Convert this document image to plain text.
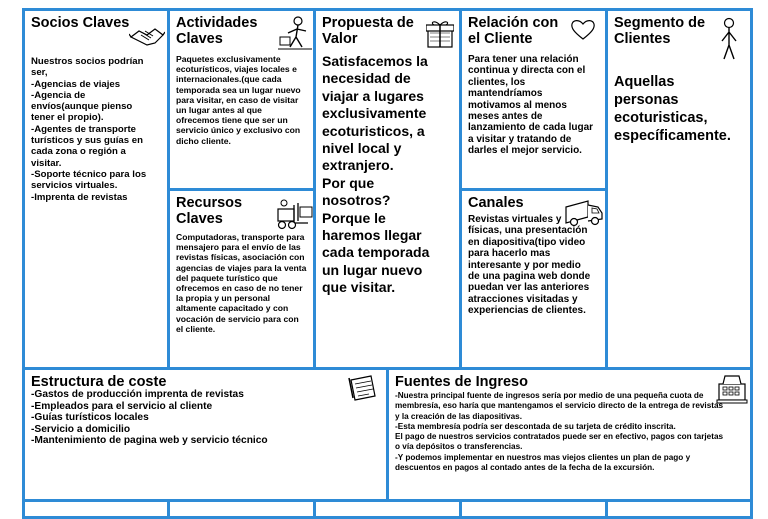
Socios Claves
Nuestros socios podrían
ser,
-Agencias de viajes
-Agencia de
envíos(aunque pienso
tener el propio).
-Agentes de transporte
turísticos y sus guías en
cada zona o región a
visitar.
-Soporte técnico para los
servicios virtuales.
-Imprenta de revistas
Actividades
Claves
Paquetes exclusivamente
ecoturísticos, viajes locales e
internacionales.(que cada
temporada sea un lugar nuevo
para visitar, en caso de visitar
un lugar antes al que
ofrecemos tiene que ser un
servicio único y exclusivo con
dicho cliente.
Recursos
Claves
Computadoras, transporte para
mensajero para el envío de las
revistas físicas, asociación con
agencias de viajes para la venta
del paquete turístico que
ofrecemos en caso de no tener
la propia y un personal
altamente capacitado y con
vocación de servicio para con
el cliente.
Propuesta de
Valor
Satisfacemos la
necesidad de
viajar a lugares
exclusivamente
ecoturisticos, a
nivel local y
extranjero.
Por que
nosotros?
Porque le
haremos llegar
cada temporada
un lugar nuevo
que visitar.
Relación con
el Cliente
Para tener una relación
continua y directa con el
clientes, los
mantendríamos
motivamos al menos
meses antes de
lanzamiento de cada lugar
a visitar y tratando de
darles el mejor servicio.
Canales
Revistas virtuales y
físicas, una presentación
en diapositiva(tipo video
para hacerlo mas
interesante y por medio
de una pagina web donde
puedan ver las anteriores
atracciones visitadas y
experiencias de clientes.
Segmento de
Clientes
Aquellas
personas
ecoturisticas,
específicamente.
Estructura de coste
-Gastos de producción imprenta de revistas
-Empleados para el servicio al cliente
-Guías turísticos locales
-Servicio a domicilio
-Mantenimiento de pagina web y servicio técnico
Fuentes de Ingreso
-Nuestra principal fuente de ingresos sería por medio de una pequeña cuota de
membresía, eso haría que mantengamos el servicio directo de la entrega de revistas
y la creación de las diapositivas.
-Esta membresía podría ser descontada de su tarjeta de crédito inscrita.
El pago de nuestros servicios contratados puede ser en efectivo, pagos con tarjetas
o vía depósitos o transferencias.
-Y podemos implementar en nuestros mas viejos clientes un plan de pago y
descuentos en pagos al contado antes de la fecha de la excursión.
